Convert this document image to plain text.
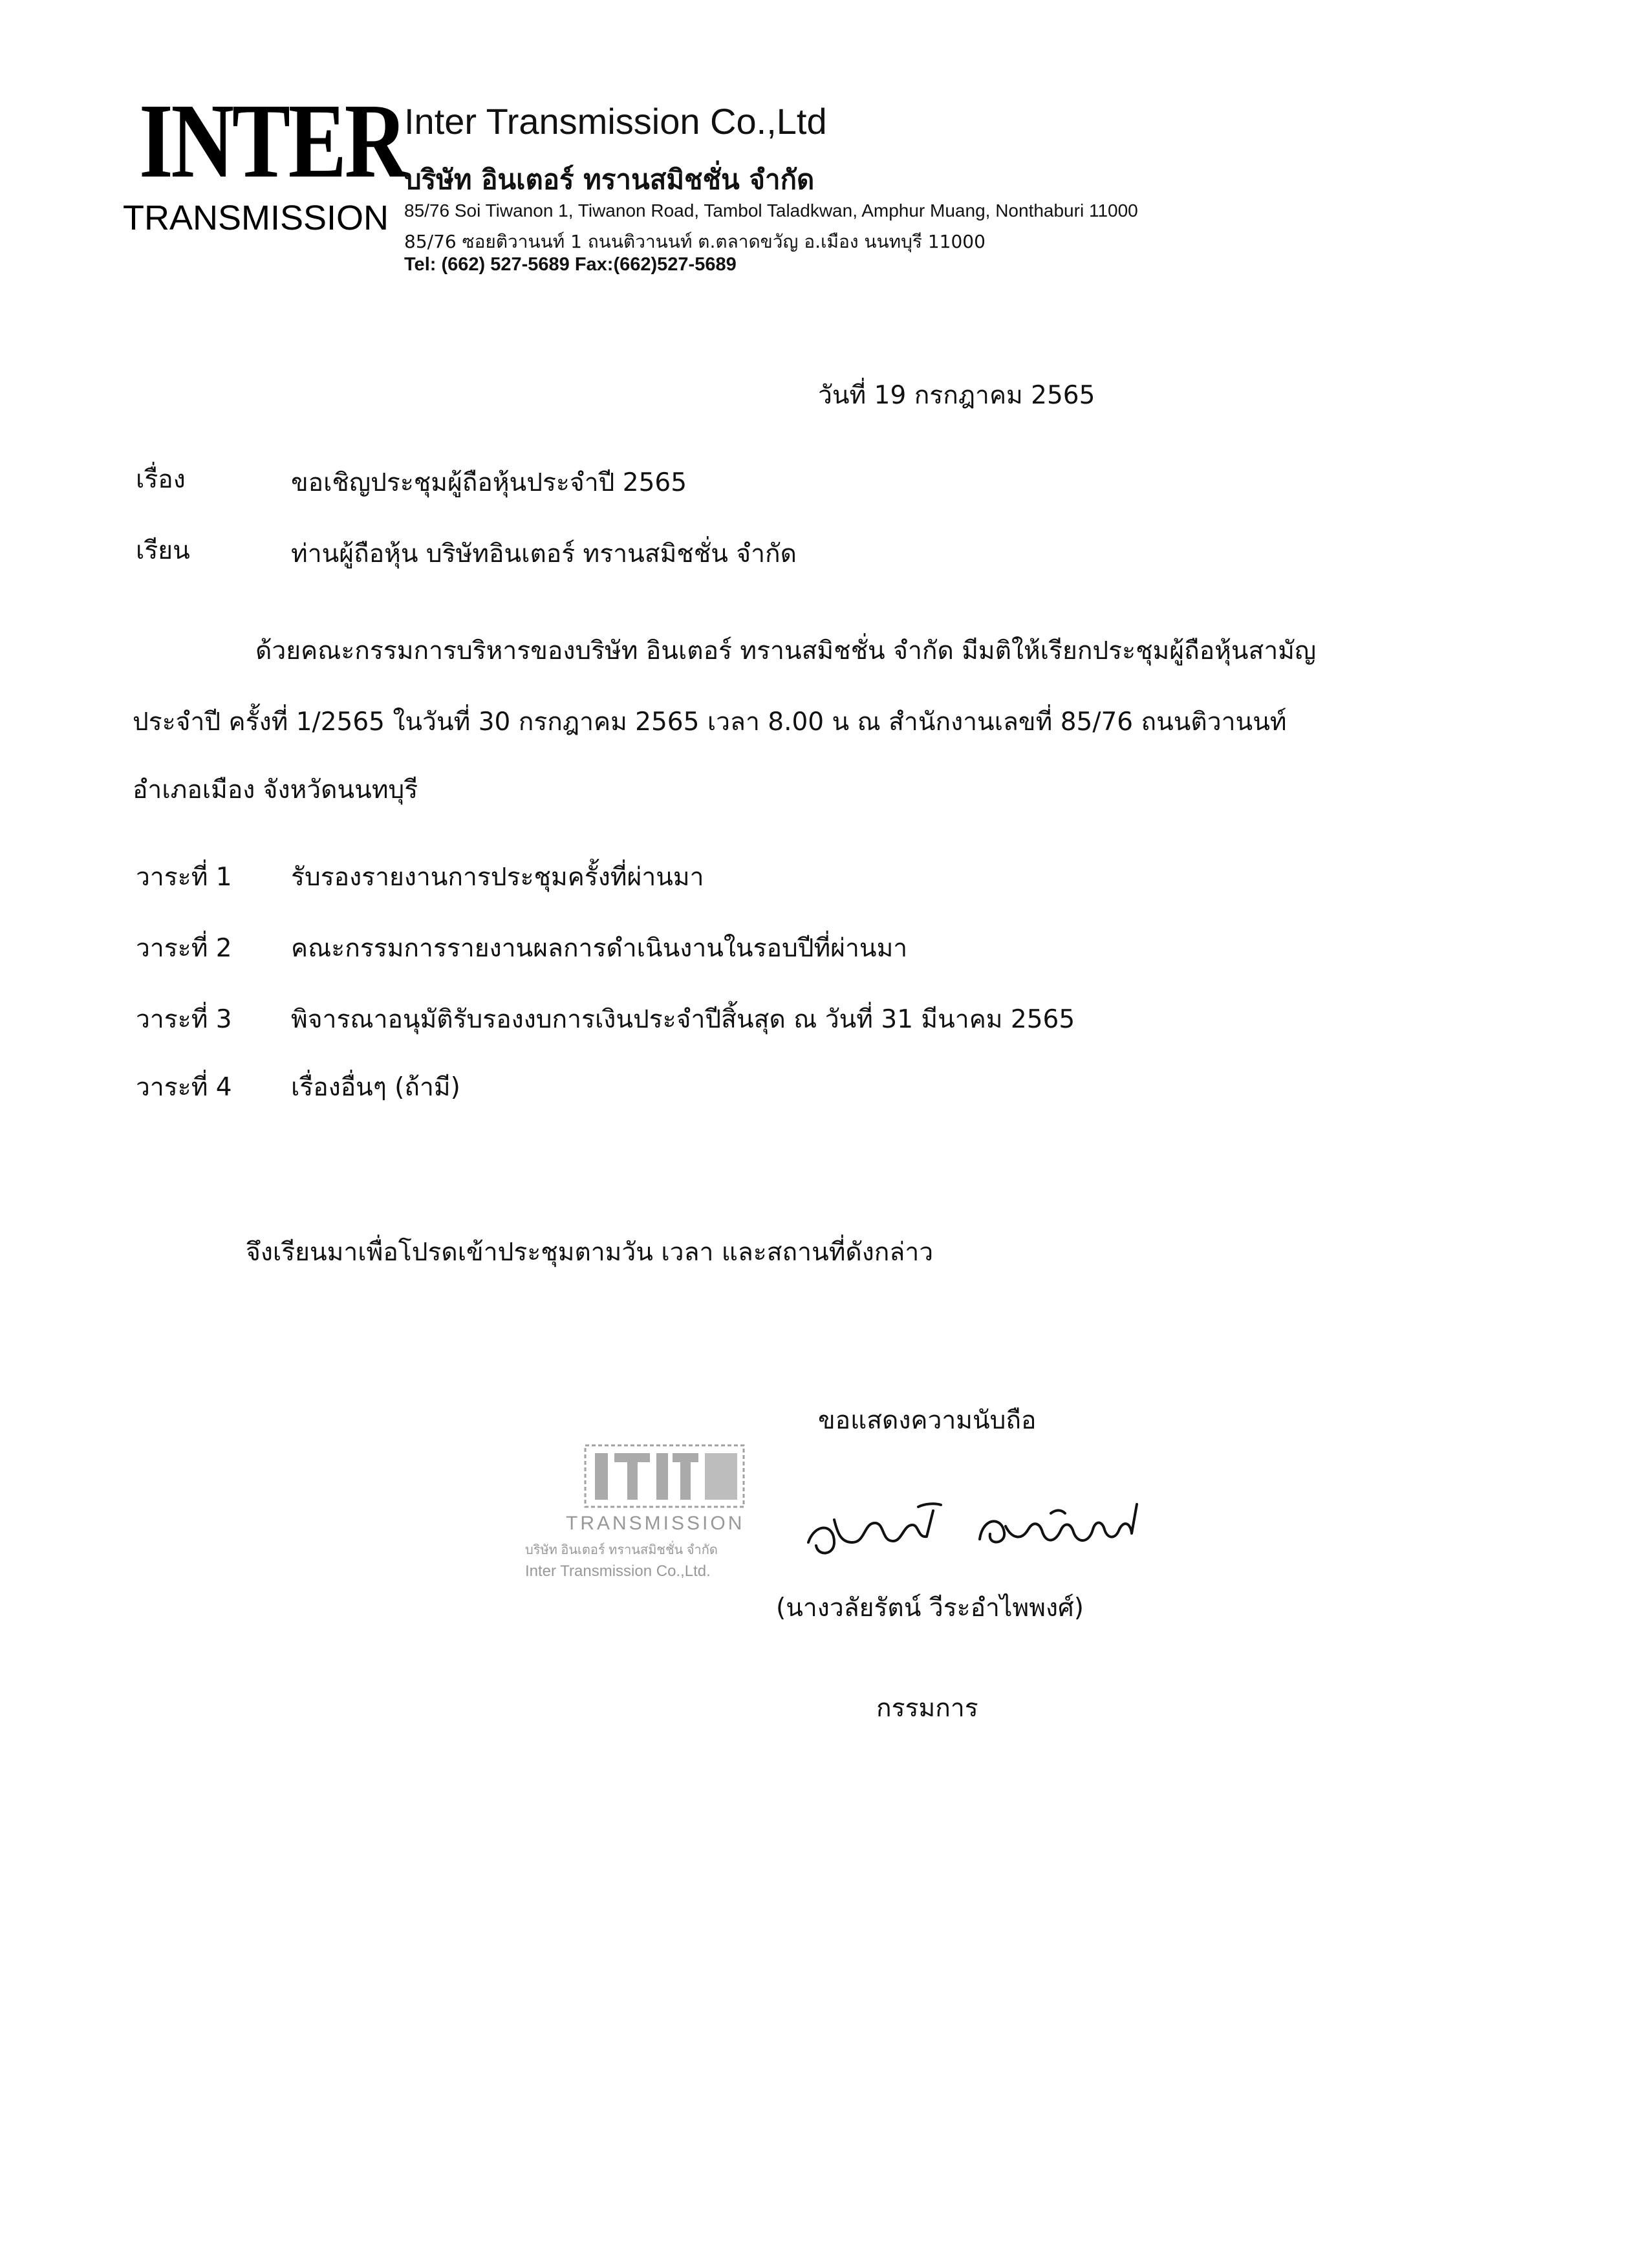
INTER
TRANSMISSION
Inter Transmission Co.,Ltd
บริษัท อินเตอร์ ทรานสมิชชั่น จำกัด
85/76 Soi Tiwanon 1, Tiwanon Road, Tambol Taladkwan, Amphur Muang, Nonthaburi 11000
85/76 ซอยติวานนท์ 1 ถนนติวานนท์ ต.ตลาดขวัญ อ.เมือง นนทบุรี 11000
Tel: (662) 527-5689 Fax:(662)527-5689
วันที่ 19 กรกฎาคม 2565
เรื่อง	ขอเชิญประชุมผู้ถือหุ้นประจำปี 2565
เรียน	ท่านผู้ถือหุ้น บริษัทอินเตอร์ ทรานสมิชชั่น จำกัด
ด้วยคณะกรรมการบริหารของบริษัท อินเตอร์ ทรานสมิชชั่น จำกัด มีมติให้เรียกประชุมผู้ถือหุ้นสามัญ
ประจำปี ครั้งที่ 1/2565 ในวันที่ 30 กรกฎาคม 2565 เวลา 8.00 น ณ สำนักงานเลขที่ 85/76 ถนนติวานนท์
อำเภอเมือง จังหวัดนนทบุรี
วาระที่ 1 รับรองรายงานการประชุมครั้งที่ผ่านมา
วาระที่ 2 คณะกรรมการรายงานผลการดำเนินงานในรอบปีที่ผ่านมา
วาระที่ 3 พิจารณาอนุมัติรับรองงบการเงินประจำปีสิ้นสุด ณ วันที่ 31 มีนาคม 2565
วาระที่ 4 เรื่องอื่นๆ (ถ้ามี)
จึงเรียนมาเพื่อโปรดเข้าประชุมตามวัน เวลา และสถานที่ดังกล่าว
ขอแสดงความนับถือ
TRANSMISSION
บริษัท อินเตอร์ ทรานสมิชชั่น จำกัด
Inter Transmission Co.,Ltd.
(นางวลัยรัตน์ วีระอำไพพงศ์)
กรรมการ
